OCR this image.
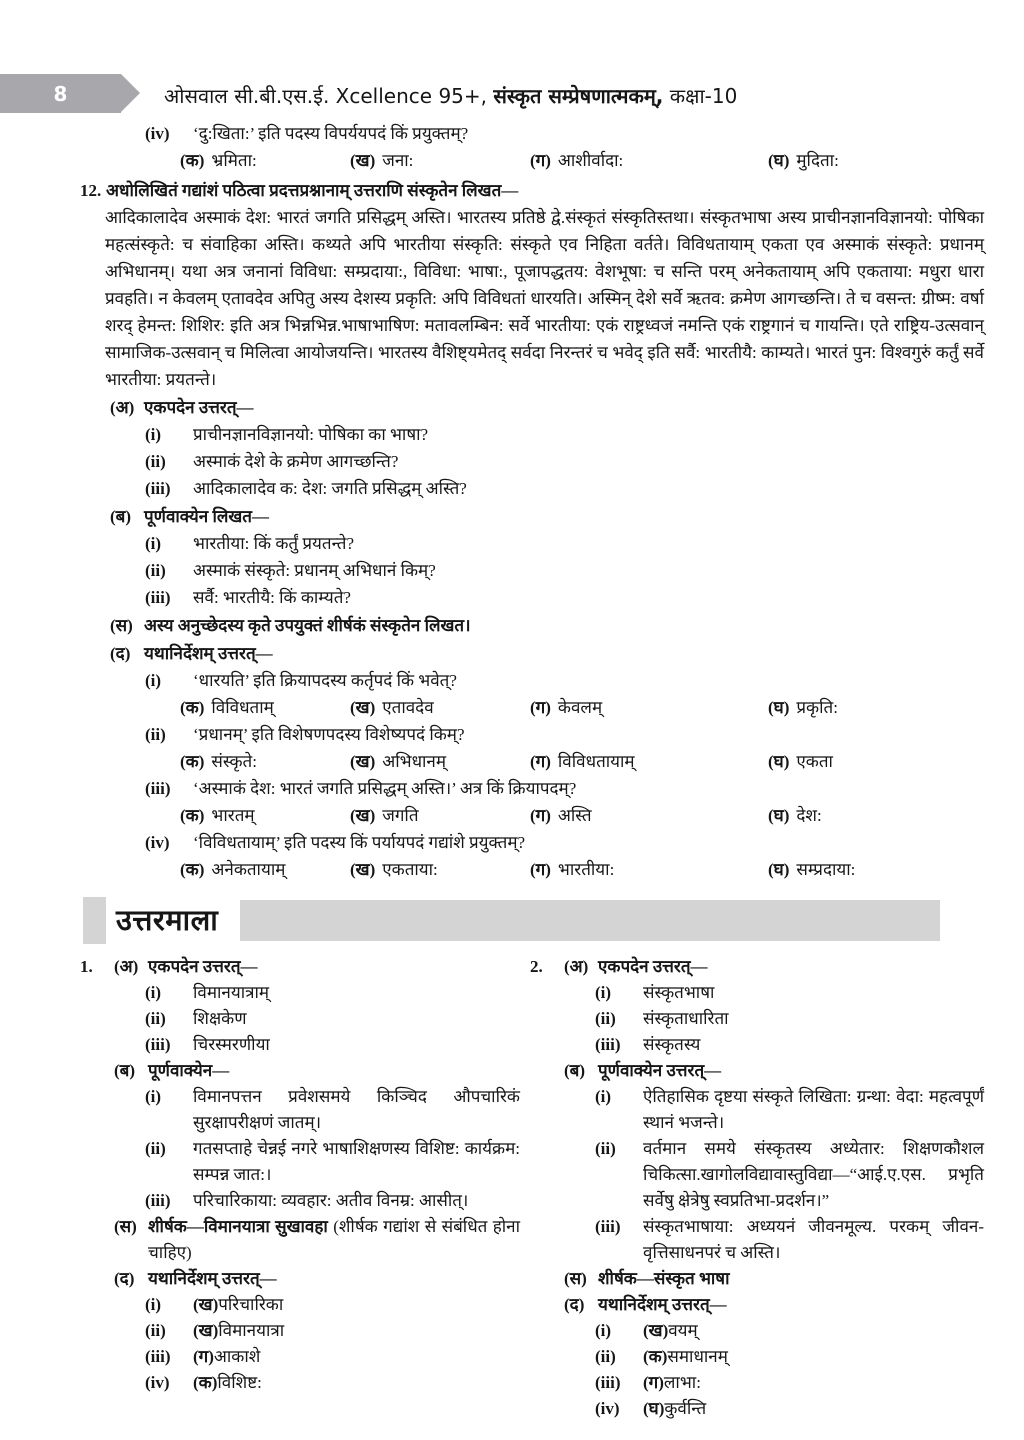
8	ओसवाल सी.बी.एस.ई. Xcellence 95+, संस्कृत सम्प्रेषणात्मकम्, कक्षा-10
(iv)	‘दु:खिता:’ इति पदस्य विपर्ययपदं किं प्रयुक्तम्?
(क) भ्रमिता:	(ख) जना:	(ग) आशीर्वादा:	(घ) मुदिता:
12. अधोलिखितं गद्यांशं पठित्वा प्रदत्तप्रश्नानाम् उत्तराणि संस्कृतेन लिखत—
आदिकालादेव अस्माकं देश: भारतं जगति प्रसिद्धम् अस्ति। भारतस्य प्रतिष्ठे द्वे.संस्कृतं संस्कृतिस्तथा। संस्कृतभाषा अस्य प्राचीनज्ञानविज्ञानयो: पोषिका महत्संस्कृते: च संवाहिका अस्ति। कथ्यते अपि भारतीया संस्कृति: संस्कृते एव निहिता वर्तते। विविधतायाम् एकता एव अस्माकं संस्कृते: प्रधानम् अभिधानम्। यथा अत्र जनानां विविधा: सम्प्रदाया:, विविधा: भाषा:, पूजापद्धतय: वेशभूषा: च सन्ति परम् अनेकतायाम् अपि एकताया: मधुरा धारा प्रवहति। न केवलम् एतावदेव अपितु अस्य देशस्य प्रकृति: अपि विविधतां धारयति। अस्मिन् देशे सर्वे ऋतव: क्रमेण आगच्छन्ति। ते च वसन्त: ग्रीष्म: वर्षा शरद् हेमन्त: शिशिर: इति अत्र भिन्नभिन्न.भाषाभाषिण: मतावलम्बिन: सर्वे भारतीया: एकं राष्ट्रध्वजं नमन्ति एकं राष्ट्रगानं च गायन्ति। एते राष्ट्रिय-उत्सवान् सामाजिक-उत्सवान् च मिलित्वा आयोजयन्ति। भारतस्य वैशिष्ट्यमेतद् सर्वदा निरन्तरं च भवेद् इति सर्वै: भारतीयै: काम्यते। भारतं पुन: विश्वगुरुं कर्तुं सर्वे भारतीया: प्रयतन्ते।
(अ) एकपदेन उत्तरत्—
(i)	प्राचीनज्ञानविज्ञानयो: पोषिका का भाषा?
(ii)	अस्माकं देशे के क्रमेण आगच्छन्ति?
(iii)	आदिकालादेव क: देश: जगति प्रसिद्धम् अस्ति?
(ब) पूर्णवाक्येन लिखत—
(i)	भारतीया: किं कर्तुं प्रयतन्ते?
(ii)	अस्माकं संस्कृते: प्रधानम् अभिधानं किम्?
(iii)	सर्वै: भारतीयै: किं काम्यते?
(स) अस्य अनुच्छेदस्य कृते उपयुक्तं शीर्षकं संस्कृतेन लिखत।
(द) यथानिर्देशम् उत्तरत्—
(i)	‘धारयति’ इति क्रियापदस्य कर्तृपदं किं भवेत्?
(क) विविधताम्	(ख) एतावदेव	(ग) केवलम्	(घ) प्रकृति:
(ii)	‘प्रधानम्’ इति विशेषणपदस्य विशेष्यपदं किम्?
(क) संस्कृते:	(ख) अभिधानम्	(ग) विविधतायाम्	(घ) एकता
(iii)	‘अस्माकं देश: भारतं जगति प्रसिद्धम् अस्ति।’ अत्र किं क्रियापदम्?
(क) भारतम्	(ख) जगति	(ग) अस्ति	(घ) देश:
(iv)	‘विविधतायाम्’ इति पदस्य किं पर्यायपदं गद्यांशे प्रयुक्तम्?
(क) अनेकतायाम्	(ख) एकताया:	(ग) भारतीया:	(घ) सम्प्रदाया:
उत्तरमाला
1.	(अ) एकपदेन उत्तरत्—
(i)	विमानयात्राम्
(ii)	शिक्षकेण
(iii)	चिरस्मरणीया
(ब) पूर्णवाक्येन—
(i)	विमानपत्तन प्रवेशसमये किञ्चिद औपचारिकं सुरक्षापरीक्षणं जातम्।
(ii)	गतसप्ताहे चेन्नई नगरे भाषाशिक्षणस्य विशिष्ट: कार्यक्रम: सम्पन्न जात:।
(iii)	परिचारिकाया: व्यवहार: अतीव विनम्र: आसीत्।
(स) शीर्षक—विमानयात्रा सुखावहा (शीर्षक गद्यांश से संबंधित होना चाहिए)
(द) यथानिर्देशम् उत्तरत्—
(i)	(ख) परिचारिका
(ii)	(ख) विमानयात्रा
(iii)	(ग) आकाशे
(iv)	(क) विशिष्ट:
2.	(अ) एकपदेन उत्तरत्—
(i)	संस्कृतभाषा
(ii)	संस्कृताधारिता
(iii)	संस्कृतस्य
(ब) पूर्णवाक्येन उत्तरत्—
(i)	ऐतिहासिक दृष्टया संस्कृते लिखिता: ग्रन्था: वेदा: महत्वपूर्णं स्थानं भजन्ते।
(ii)	वर्तमान समये संस्कृतस्य अध्येतार: शिक्षणकौशल चिकित्सा.खागोलविद्यावास्तुविद्या—“आई.ए.एस. प्रभृति सर्वेषु क्षेत्रेषु स्वप्रतिभा-प्रदर्शन।”
(iii)	संस्कृतभाषाया: अध्ययनं जीवनमूल्य. परकम् जीवन-वृत्तिसाधनपरं च अस्ति।
(स) शीर्षक—संस्कृत भाषा
(द) यथानिर्देशम् उत्तरत्—
(i)	(ख) वयम्
(ii)	(क) समाधानम्
(iii)	(ग) लाभा:
(iv)	(घ) कुर्वन्ति
